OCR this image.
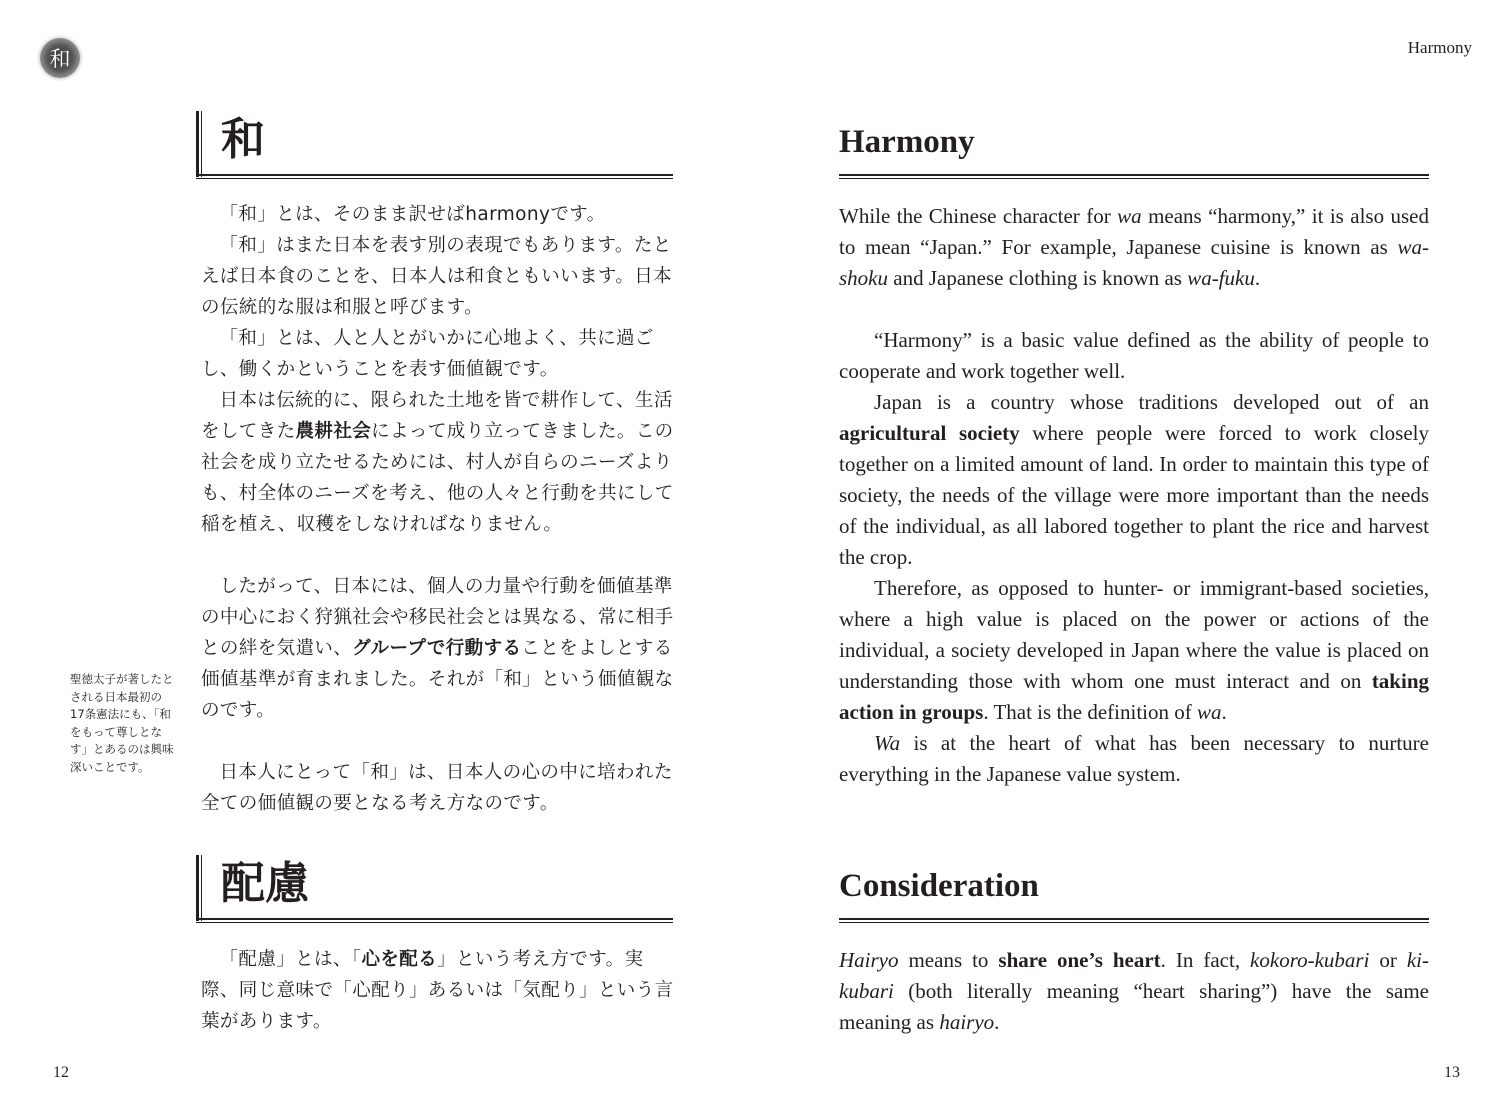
和	Harmony
和

「和」とは、そのまま訳せばharmonyです。

「和」はまた日本を表す別の表現でもあります。たとえば日本食のことを、日本人は和食ともいいます。日本の伝統的な服は和服と呼びます。

「和」とは、人と人とがいかに心地よく、共に過ごし、働くかということを表す価値観です。

日本は伝統的に、限られた土地を皆で耕作して、生活をしてきた農耕社会によって成り立ってきました。この社会を成り立たせるためには、村人が自らのニーズよりも、村全体のニーズを考え、他の人々と行動を共にして稲を植え、収穫をしなければなりません。

したがって、日本には、個人の力量や行動を価値基準の中心におく狩猟社会や移民社会とは異なる、常に相手との絆を気遣い、グループで行動することをよしとする価値基準が育まれました。それが「和」という価値観なのです。

日本人にとって「和」は、日本人の心の中に培われた全ての価値観の要となる考え方なのです。

聖徳太子が著したとされる日本最初の17条憲法にも、「和をもって尊しとなす」とあるのは興味深いことです。
配慮

「配慮」とは、「心を配る」という考え方です。実際、同じ意味で「心配り」あるいは「気配り」という言葉があります。

12
Harmony

While the Chinese character for wa means “harmony,” it is also used to mean “Japan.” For example, Japanese cuisine is known as wa-shoku and Japanese clothing is known as wa-fuku.

“Harmony” is a basic value defined as the ability of people to cooperate and work together well.

Japan is a country whose traditions developed out of an agricultural society where people were forced to work closely together on a limited amount of land. In order to maintain this type of society, the needs of the village were more important than the needs of the individual, as all labored together to plant the rice and harvest the crop.

Therefore, as opposed to hunter- or immigrant-based societies, where a high value is placed on the power or actions of the individual, a society developed in Japan where the value is placed on understanding those with whom one must interact and on taking action in groups. That is the definition of wa.

Wa is at the heart of what has been necessary to nurture everything in the Japanese value system.

Consideration

Hairyo means to share one’s heart. In fact, kokoro-kubari or ki-kubari (both literally meaning “heart sharing”) have the same meaning as hairyo.

13
